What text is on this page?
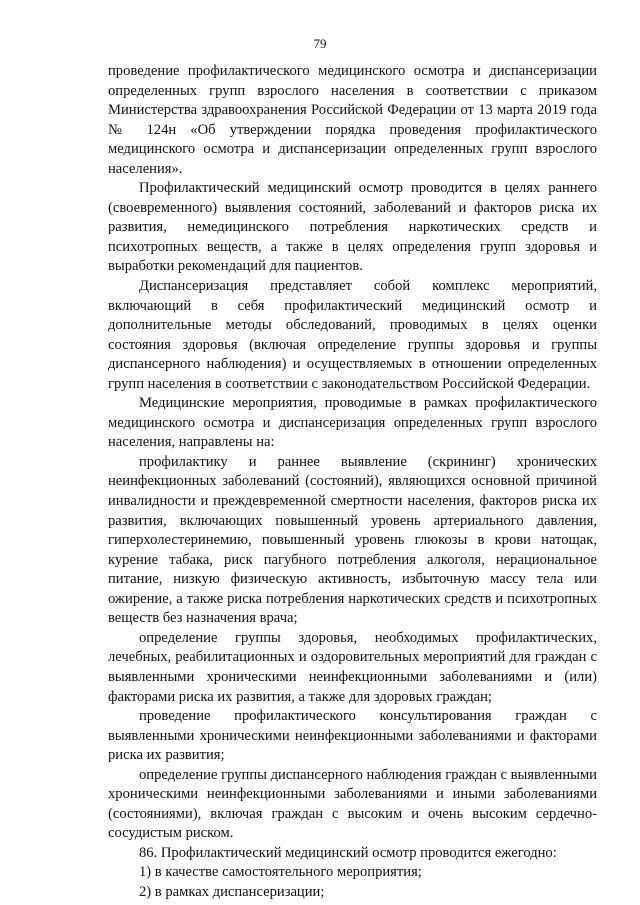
79

проведение профилактического медицинского осмотра и диспансеризации определенных групп взрослого населения в соответствии с приказом Министерства здравоохранения Российской Федерации от 13 марта 2019 года № 124н «Об утверждении порядка проведения профилактического медицинского осмотра и диспансеризации определенных групп взрослого населения».

Профилактический медицинский осмотр проводится в целях раннего (своевременного) выявления состояний, заболеваний и факторов риска их развития, немедицинского потребления наркотических средств и психотропных веществ, а также в целях определения групп здоровья и выработки рекомендаций для пациентов.

Диспансеризация представляет собой комплекс мероприятий, включающий в себя профилактический медицинский осмотр и дополнительные методы обследований, проводимых в целях оценки состояния здоровья (включая определение группы здоровья и группы диспансерного наблюдения) и осуществляемых в отношении определенных групп населения в соответствии с законодательством Российской Федерации.

Медицинские мероприятия, проводимые в рамках профилактического медицинского осмотра и диспансеризация определенных групп взрослого населения, направлены на:

профилактику и раннее выявление (скрининг) хронических неинфекционных заболеваний (состояний), являющихся основной причиной инвалидности и преждевременной смертности населения, факторов риска их развития, включающих повышенный уровень артериального давления, гиперхолестеринемию, повышенный уровень глюкозы в крови натощак, курение табака, риск пагубного потребления алкоголя, нерациональное питание, низкую физическую активность, избыточную массу тела или ожирение, а также риска потребления наркотических средств и психотропных веществ без назначения врача;

определение группы здоровья, необходимых профилактических, лечебных, реабилитационных и оздоровительных мероприятий для граждан с выявленными хроническими неинфекционными заболеваниями и (или) факторами риска их развития, а также для здоровых граждан;

проведение профилактического консультирования граждан с выявленными хроническими неинфекционными заболеваниями и факторами риска их развития;

определение группы диспансерного наблюдения граждан с выявленными хроническими неинфекционными заболеваниями и иными заболеваниями (состояниями), включая граждан с высоким и очень высоким сердечно-сосудистым риском.

86. Профилактический медицинский осмотр проводится ежегодно:

1) в качестве самостоятельного мероприятия;

2) в рамках диспансеризации;
